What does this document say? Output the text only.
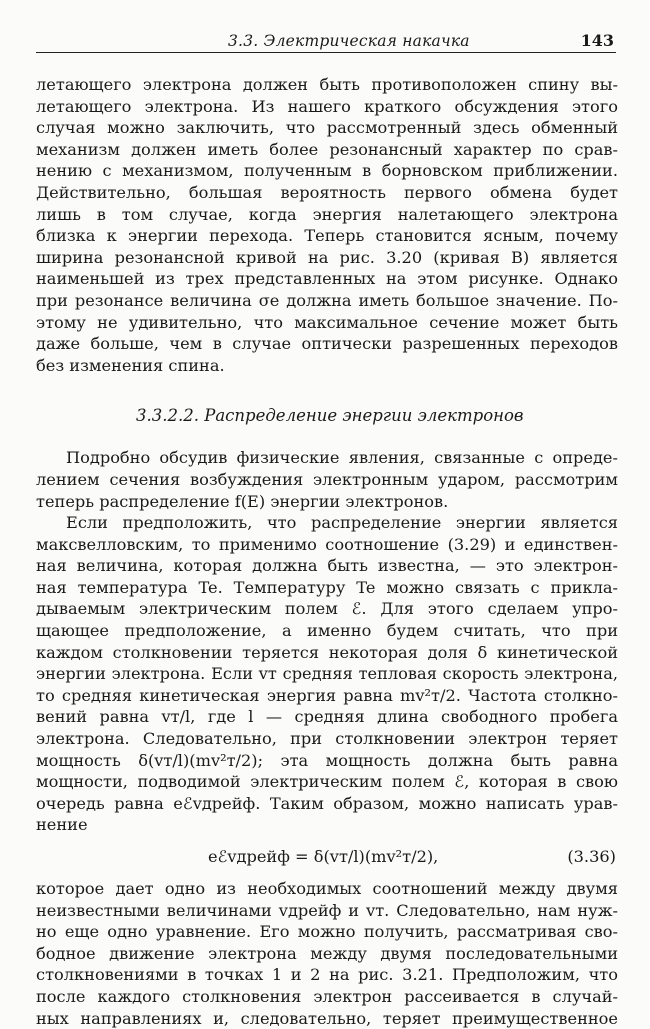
3.3. Электрическая накачка	143
летающего электрона должен быть противоположен спину вы-
летающего электрона. Из нашего краткого обсуждения этого
случая можно заключить, что рассмотренный здесь обменный
механизм должен иметь более резонансный характер по срав-
нению с механизмом, полученным в борновском приближении.
Действительно, большая вероятность первого обмена будет
лишь в том случае, когда энергия налетающего электрона
близка к энергии перехода. Теперь становится ясным, почему
ширина резонансной кривой на рис. 3.20 (кривая B) является
наименьшей из трех представленных на этом рисунке. Однако
при резонансе величина σe должна иметь большое значение. По-
этому не удивительно, что максимальное сечение может быть
даже больше, чем в случае оптически разрешенных переходов
без изменения спина.
3.3.2.2. Распределение энергии электронов
Подробно обсудив физические явления, связанные с опреде-
лением сечения возбуждения электронным ударом, рассмотрим
теперь распределение f(E) энергии электронов.
Если предположить, что распределение энергии является
максвелловским, то применимо соотношение (3.29) и единствен-
ная величина, которая должна быть известна, — это электрон-
ная температура Te. Температуру Te можно связать с прикла-
дываемым электрическим полем ℰ. Для этого сделаем упро-
щающее предположение, а именно будем считать, что при
каждом столкновении теряется некоторая доля δ кинетической
энергии электрона. Если vт средняя тепловая скорость электрона,
то средняя кинетическая энергия равна mv²т/2. Частота столкно-
вений равна vт/l, где l — средняя длина свободного пробега
электрона. Следовательно, при столкновении электрон теряет
мощность δ(vт/l)(mv²т/2); эта мощность должна быть равна
мощности, подводимой электрическим полем ℰ, которая в свою
очередь равна eℰvдрейф. Таким образом, можно написать урав-
нение
eℰvдрейф = δ(vт/l)(mv²т/2),	(3.36)
которое дает одно из необходимых соотношений между двумя
неизвестными величинами vдрейф и vт. Следовательно, нам нуж-
но еще одно уравнение. Его можно получить, рассматривая сво-
бодное движение электрона между двумя последовательными
столкновениями в точках 1 и 2 на рис. 3.21. Предположим, что
после каждого столкновения электрон рассеивается в случай-
ных направлениях и, следовательно, теряет преимущественное
